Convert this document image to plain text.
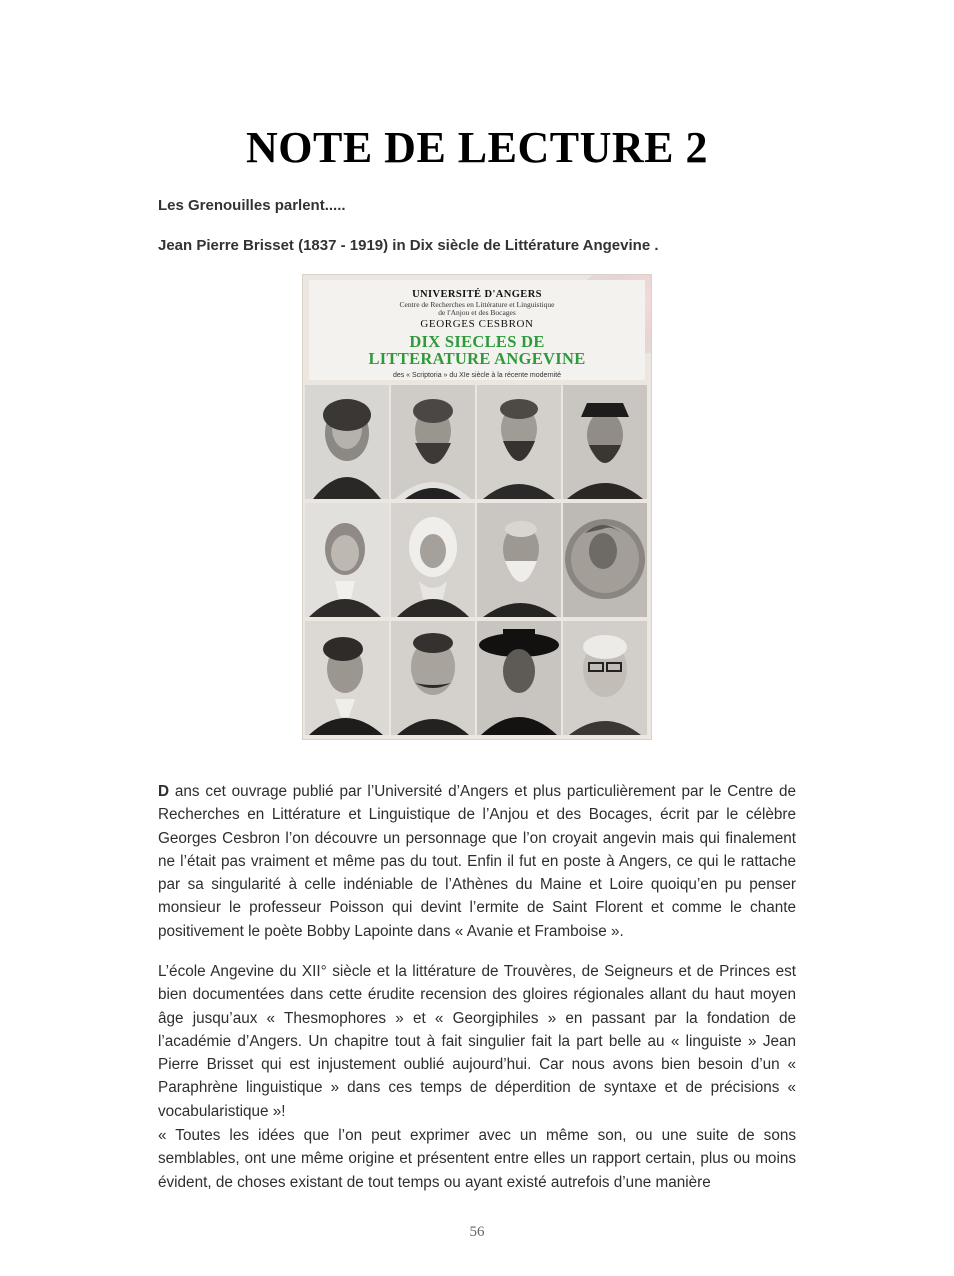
NOTE DE LECTURE 2

Les Grenouilles parlent.....

Jean Pierre Brisset (1837 - 1919) in Dix siècle de Littérature Angevine .

UNIVERSITÉ D'ANGERS
Centre de Recherches en Littérature et Linguistique
de l'Anjou et des Bocages
GEORGES CESBRON
DIX SIECLES DE
LITTERATURE ANGEVINE
des « Scriptoria » du XIe siècle à la récente modernité

D ans cet ouvrage publié par l’Université d’Angers et plus particulièrement par le Centre de Recherches en Littérature et Linguistique de l’Anjou et des Bocages, écrit par le célèbre Georges Cesbron l’on découvre un personnage que l’on croyait angevin mais qui finalement ne l’était pas vraiment et même pas du tout. Enfin il fut en poste à Angers, ce qui le rattache par sa singularité à celle indéniable de l’Athènes du Maine et Loire quoiqu’en pu penser monsieur le professeur Poisson qui devint l’ermite de Saint Florent et comme le chante positivement le poète Bobby Lapointe dans « Avanie et Framboise ».

L’école Angevine du XII° siècle et la littérature de Trouvères, de Seigneurs et de Princes est bien documentées dans cette érudite recension des gloires régionales allant du haut moyen âge jusqu’aux « Thesmophores » et « Georgiphiles » en passant par la fondation de l’académie d’Angers. Un chapitre tout à fait singulier fait la part belle au « linguiste » Jean Pierre Brisset qui est injustement oublié aujourd’hui. Car nous avons bien besoin d’un « Paraphrène linguistique » dans ces temps de déperdition de syntaxe et de précisions « vocabularistique »!

« Toutes les idées que l’on peut exprimer avec un même son, ou une suite de sons semblables, ont une même origine et présentent entre elles un rapport certain, plus ou moins évident, de choses existant de tout temps ou ayant existé autrefois d’une manière

56
